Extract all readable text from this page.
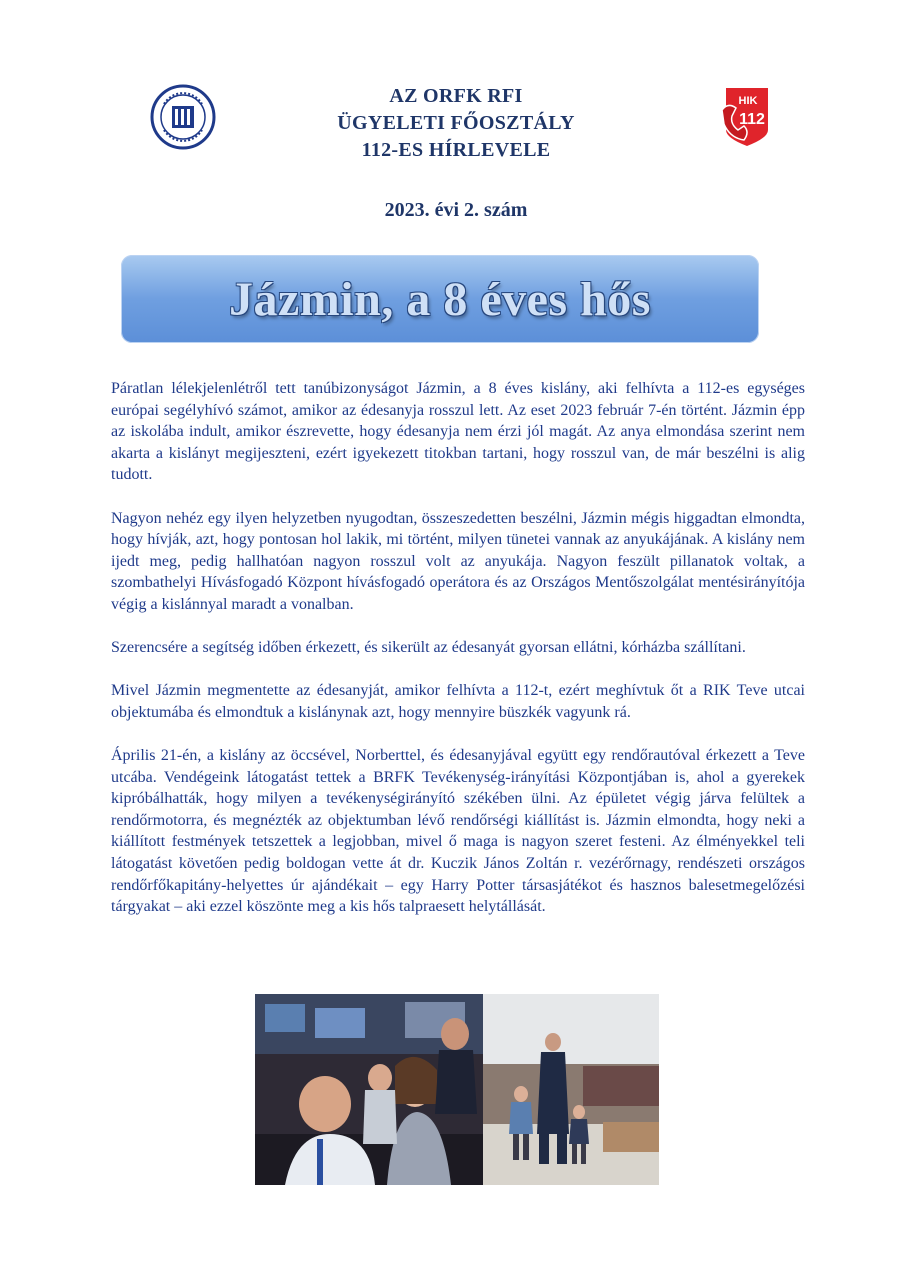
HIK
112
AZ ORFK RFI
ÜGYELETI FŐOSZTÁLY
112-ES HÍRLEVELE
2023. évi 2. szám
Jázmin, a 8 éves hős

Páratlan lélekjelenlétről tett tanúbizonyságot Jázmin, a 8 éves kislány, aki felhívta a 112-es egységes európai segélyhívó számot, amikor az édesanyja rosszul lett. Az eset 2023 február 7-én történt. Jázmin épp az iskolába indult, amikor észrevette, hogy édesanyja nem érzi jól magát. Az anya elmondása szerint nem akarta a kislányt megijeszteni, ezért igyekezett titokban tartani, hogy rosszul van, de már beszélni is alig tudott.

Nagyon nehéz egy ilyen helyzetben nyugodtan, összeszedetten beszélni, Jázmin mégis higgadtan elmondta, hogy hívják, azt, hogy pontosan hol lakik, mi történt, milyen tünetei vannak az anyukájának. A kislány nem ijedt meg, pedig hallhatóan nagyon rosszul volt az anyukája. Nagyon feszült pillanatok voltak, a szombathelyi Hívásfogadó Központ hívásfogadó operátora és az Országos Mentőszolgálat mentésirányítója végig a kislánnyal maradt a vonalban.

Szerencsére a segítség időben érkezett, és sikerült az édesanyát gyorsan ellátni, kórházba szállítani.

Mivel Jázmin megmentette az édesanyját, amikor felhívta a 112-t, ezért meghívtuk őt a RIK Teve utcai objektumába és elmondtuk a kislánynak azt, hogy mennyire büszkék vagyunk rá.

Április 21-én, a kislány az öccsével, Norberttel, és édesanyjával együtt egy rendőrautóval érkezett a Teve utcába. Vendégeink látogatást tettek a BRFK Tevékenység-irányítási Központjában is, ahol a gyerekek kipróbálhatták, hogy milyen a tevékenységirányító székében ülni. Az épületet végig járva felültek a rendőrmotorra, és megnézték az objektumban lévő rendőrségi kiállítást is. Jázmin elmondta, hogy neki a kiállított festmények tetszettek a legjobban, mivel ő maga is nagyon szeret festeni. Az élményekkel teli látogatást követően pedig boldogan vette át dr. Kuczik János Zoltán r. vezérőrnagy, rendészeti országos rendőrfőkapitány-helyettes úr ajándékait – egy Harry Potter társasjátékot és hasznos balesetmegelőzési tárgyakat – aki ezzel köszönte meg a kis hős talpraesett helytállását.
